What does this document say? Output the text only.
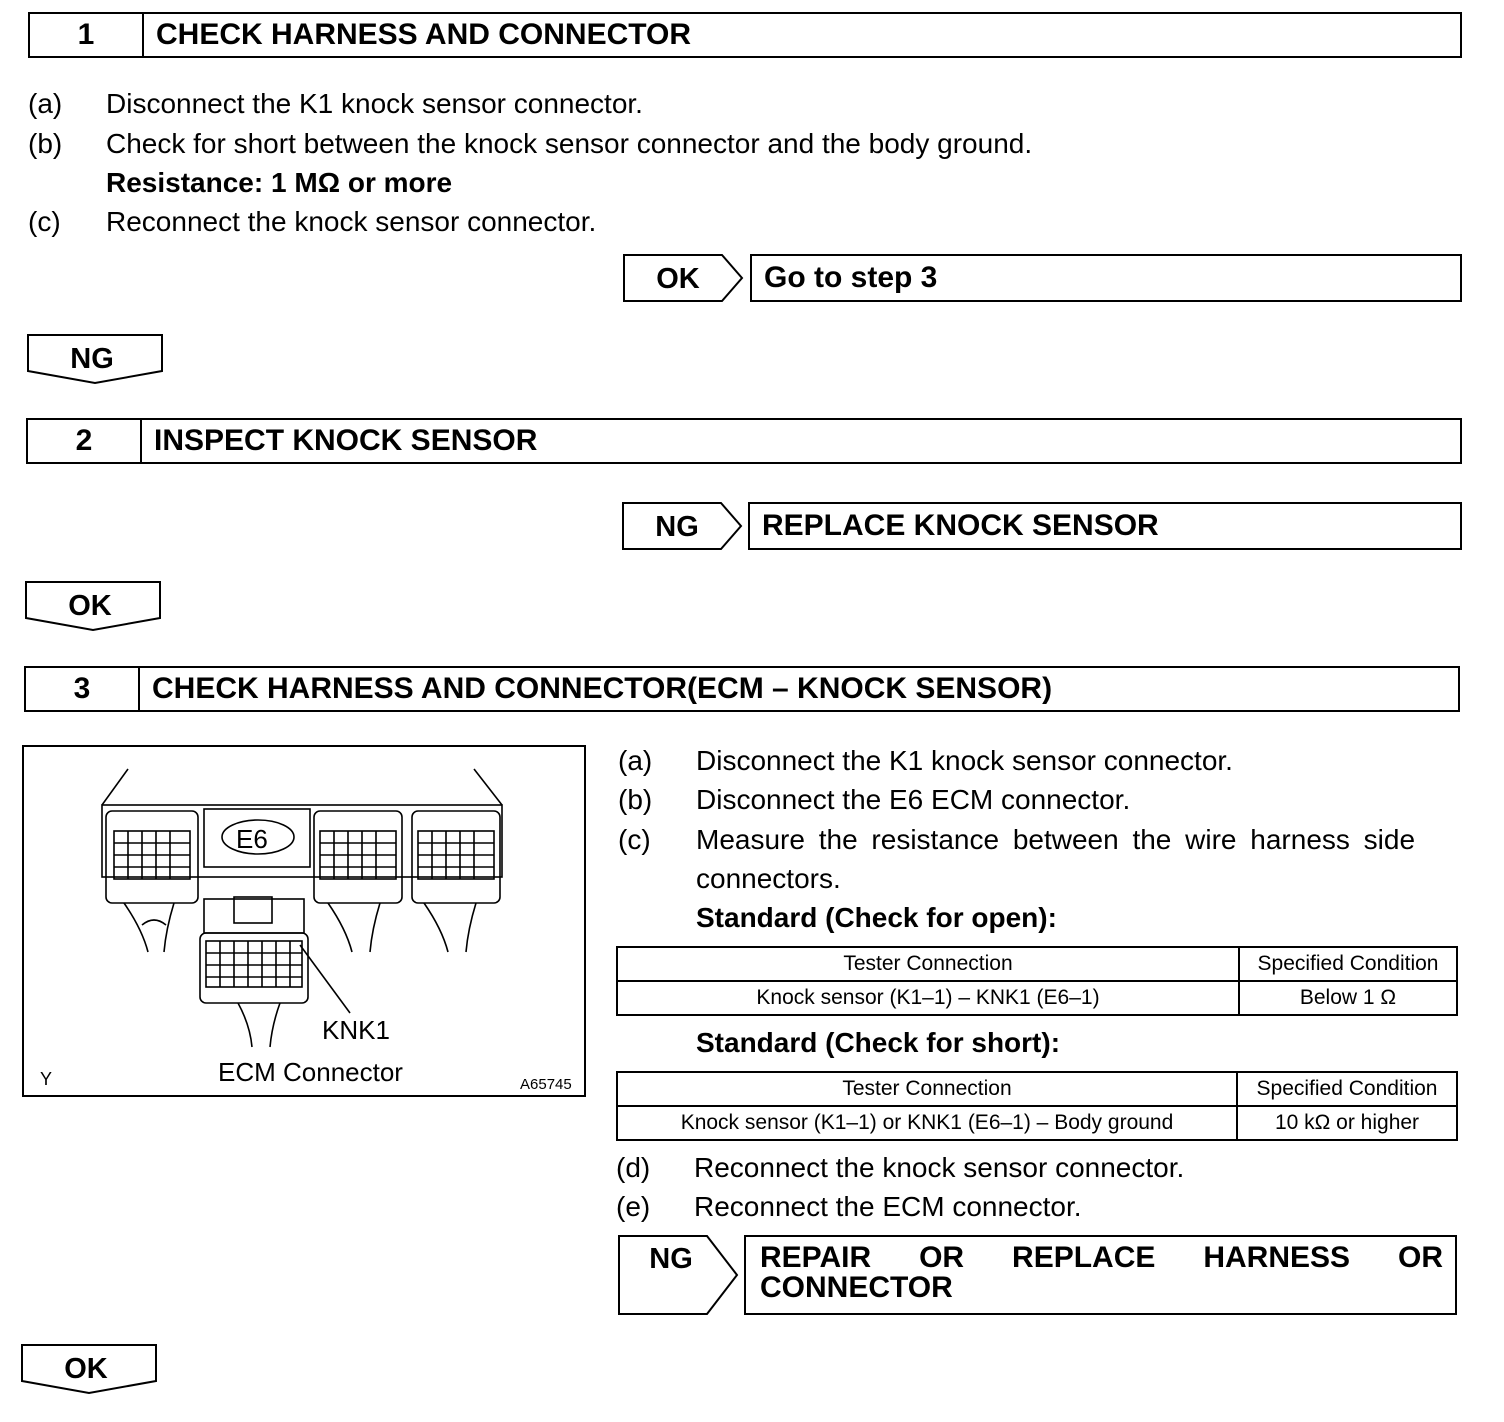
1	CHECK HARNESS AND CONNECTOR
(a) Disconnect the K1 knock sensor connector.
(b) Check for short between the knock sensor connector and the body ground.
Resistance: 1 MΩ or more
(c) Reconnect the knock sensor connector.
OK	Go to step 3
NG
2	INSPECT KNOCK SENSOR
NG	REPLACE KNOCK SENSOR
OK
3	CHECK HARNESS AND CONNECTOR(ECM – KNOCK SENSOR)
E6
KNK1
ECM Connector
Y	A65745
(a) Disconnect the K1 knock sensor connector.
(b) Disconnect the E6 ECM connector.
(c) Measure the resistance between the wire harness side
connectors.
Standard (Check for open):
Tester Connection	Specified Condition
Knock sensor (K1–1) – KNK1 (E6–1)	Below 1 Ω
Standard (Check for short):
Tester Connection	Specified Condition
Knock sensor (K1–1) or KNK1 (E6–1) – Body ground	10 kΩ or higher
(d) Reconnect the knock sensor connector.
(e) Reconnect the ECM connector.
NG REPAIR OR REPLACE HARNESS OR
CONNECTOR
OK
